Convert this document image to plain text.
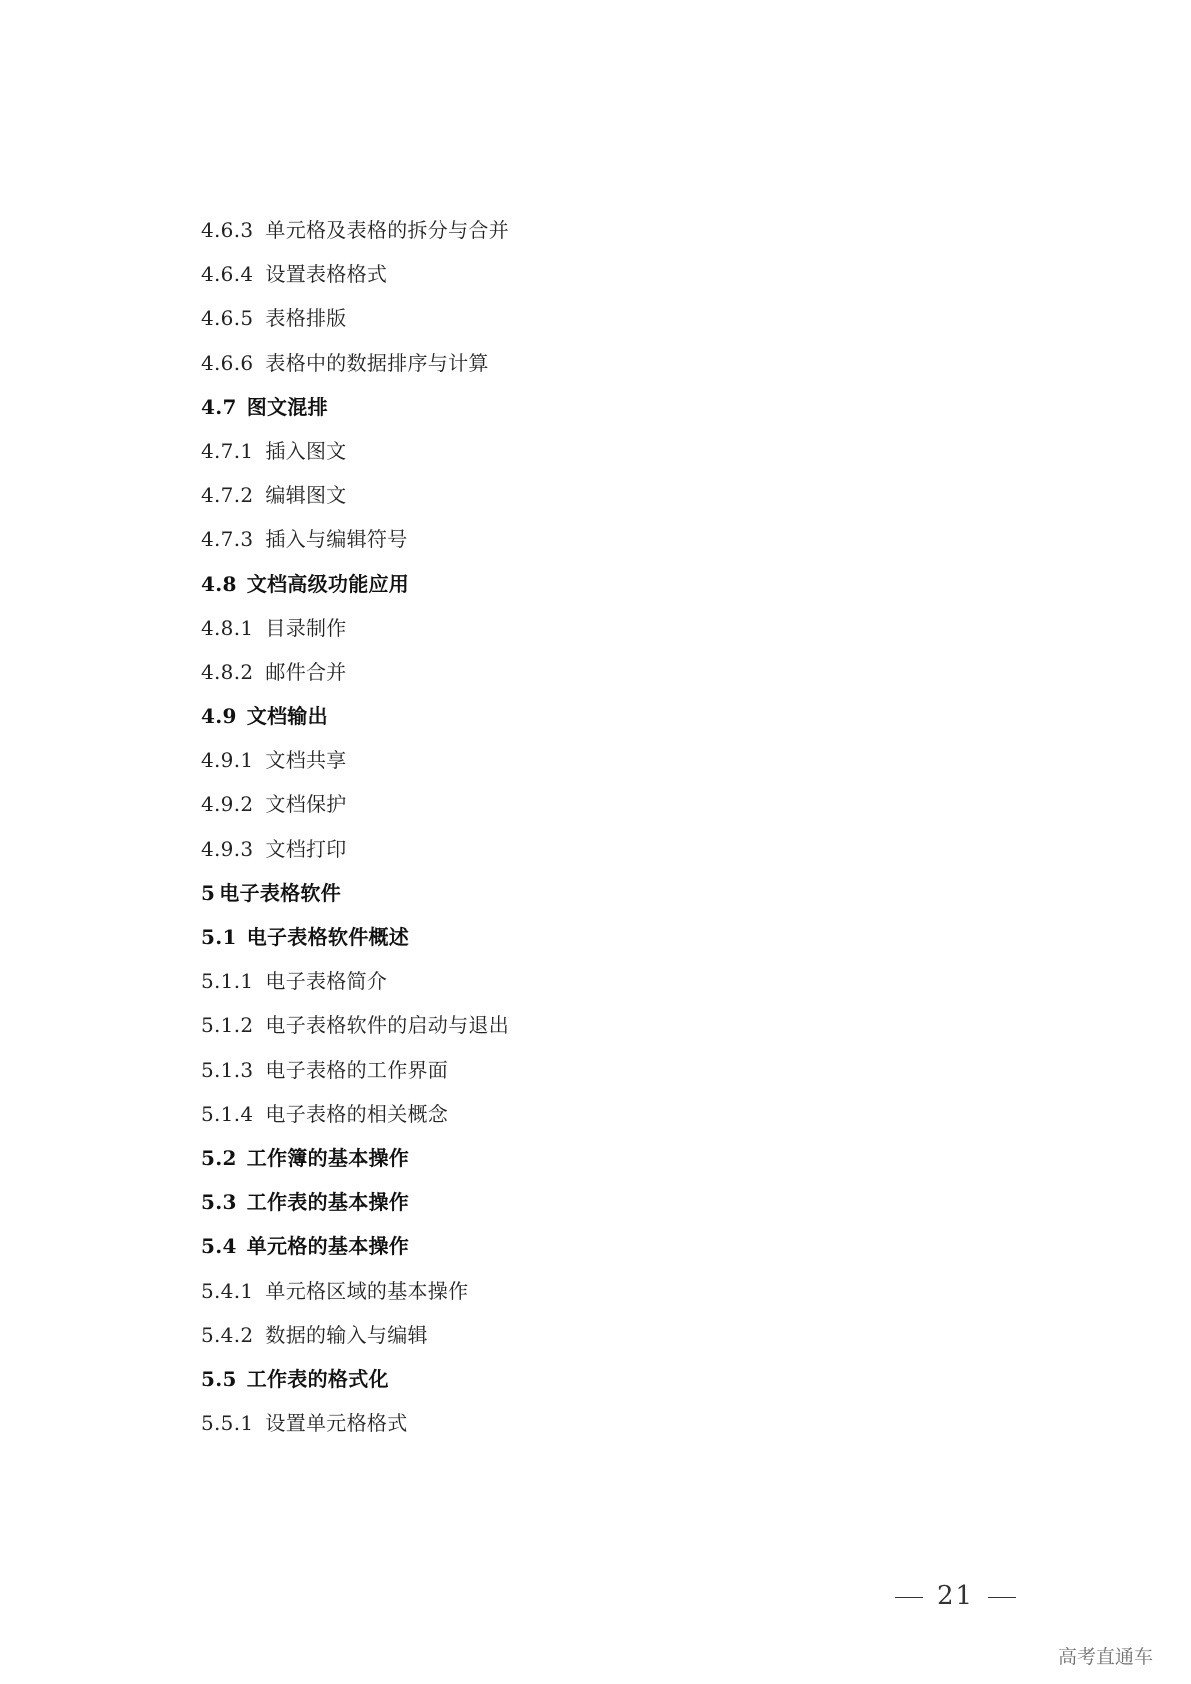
4.6.3 单元格及表格的拆分与合并
4.6.4 设置表格格式
4.6.5 表格排版
4.6.6 表格中的数据排序与计算
4.7 图文混排
4.7.1 插入图文
4.7.2 编辑图文
4.7.3 插入与编辑符号
4.8 文档高级功能应用
4.8.1 目录制作
4.8.2 邮件合并
4.9 文档输出
4.9.1 文档共享
4.9.2 文档保护
4.9.3 文档打印
5 电子表格软件
5.1 电子表格软件概述
5.1.1 电子表格简介
5.1.2 电子表格软件的启动与退出
5.1.3 电子表格的工作界面
5.1.4 电子表格的相关概念
5.2 工作簿的基本操作
5.3 工作表的基本操作
5.4 单元格的基本操作
5.4.1 单元格区域的基本操作
5.4.2 数据的输入与编辑
5.5 工作表的格式化
5.5.1 设置单元格格式
21
高考直通车
